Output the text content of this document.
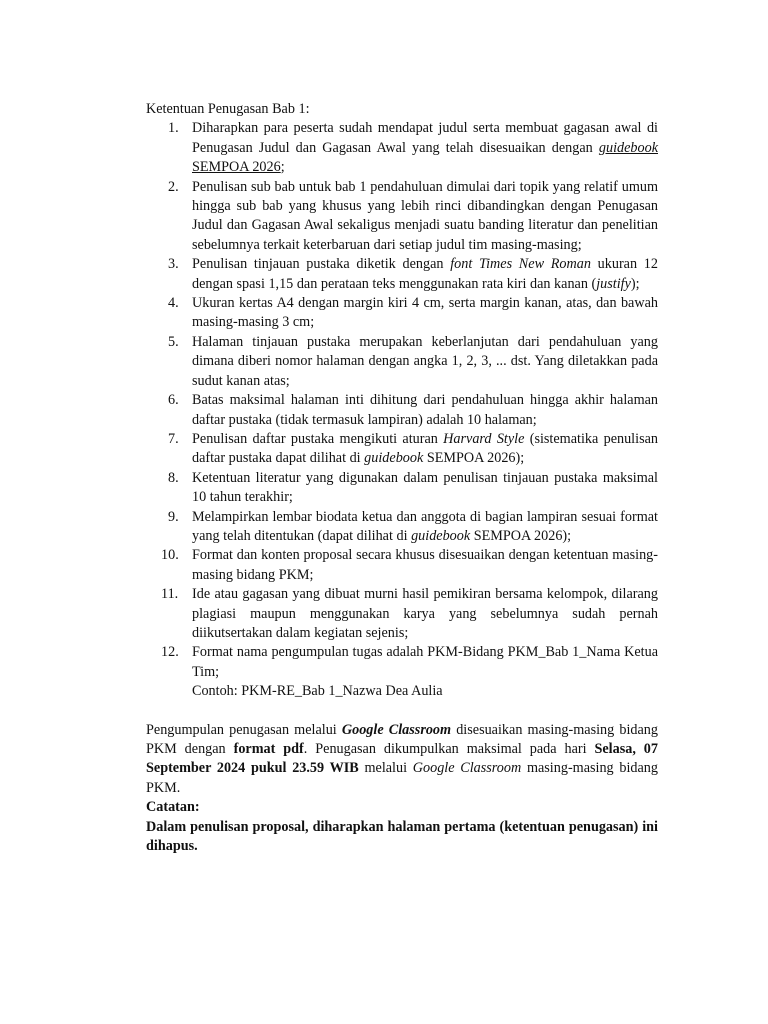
Ketentuan Penugasan Bab 1:

1. Diharapkan para peserta sudah mendapat judul serta membuat gagasan awal di Penugasan Judul dan Gagasan Awal yang telah disesuaikan dengan guidebook SEMPOA 2026;
2. Penulisan sub bab untuk bab 1 pendahuluan dimulai dari topik yang relatif umum hingga sub bab yang khusus yang lebih rinci dibandingkan dengan Penugasan Judul dan Gagasan Awal sekaligus menjadi suatu banding literatur dan penelitian sebelumnya terkait keterbaruan dari setiap judul tim masing-masing;
3. Penulisan tinjauan pustaka diketik dengan font Times New Roman ukuran 12 dengan spasi 1,15 dan perataan teks menggunakan rata kiri dan kanan (justify);
4. Ukuran kertas A4 dengan margin kiri 4 cm, serta margin kanan, atas, dan bawah masing-masing 3 cm;
5. Halaman tinjauan pustaka merupakan keberlanjutan dari pendahuluan yang dimana diberi nomor halaman dengan angka 1, 2, 3, ... dst. Yang diletakkan pada sudut kanan atas;
6. Batas maksimal halaman inti dihitung dari pendahuluan hingga akhir halaman daftar pustaka (tidak termasuk lampiran) adalah 10 halaman;
7. Penulisan daftar pustaka mengikuti aturan Harvard Style (sistematika penulisan daftar pustaka dapat dilihat di guidebook SEMPOA 2026);
8. Ketentuan literatur yang digunakan dalam penulisan tinjauan pustaka maksimal 10 tahun terakhir;
9. Melampirkan lembar biodata ketua dan anggota di bagian lampiran sesuai format yang telah ditentukan (dapat dilihat di guidebook SEMPOA 2026);
10. Format dan konten proposal secara khusus disesuaikan dengan ketentuan masing-masing bidang PKM;
11. Ide atau gagasan yang dibuat murni hasil pemikiran bersama kelompok, dilarang plagiasi maupun menggunakan karya yang sebelumnya sudah pernah diikutsertakan dalam kegiatan sejenis;
12. Format nama pengumpulan tugas adalah PKM-Bidang PKM_Bab 1_Nama Ketua Tim;
Contoh: PKM-RE_Bab 1_Nazwa Dea Aulia

Pengumpulan penugasan melalui Google Classroom disesuaikan masing-masing bidang PKM dengan format pdf. Penugasan dikumpulkan maksimal pada hari Selasa, 07 September 2024 pukul 23.59 WIB melalui Google Classroom masing-masing bidang PKM.

Catatan:

Dalam penulisan proposal, diharapkan halaman pertama (ketentuan penugasan) ini dihapus.
